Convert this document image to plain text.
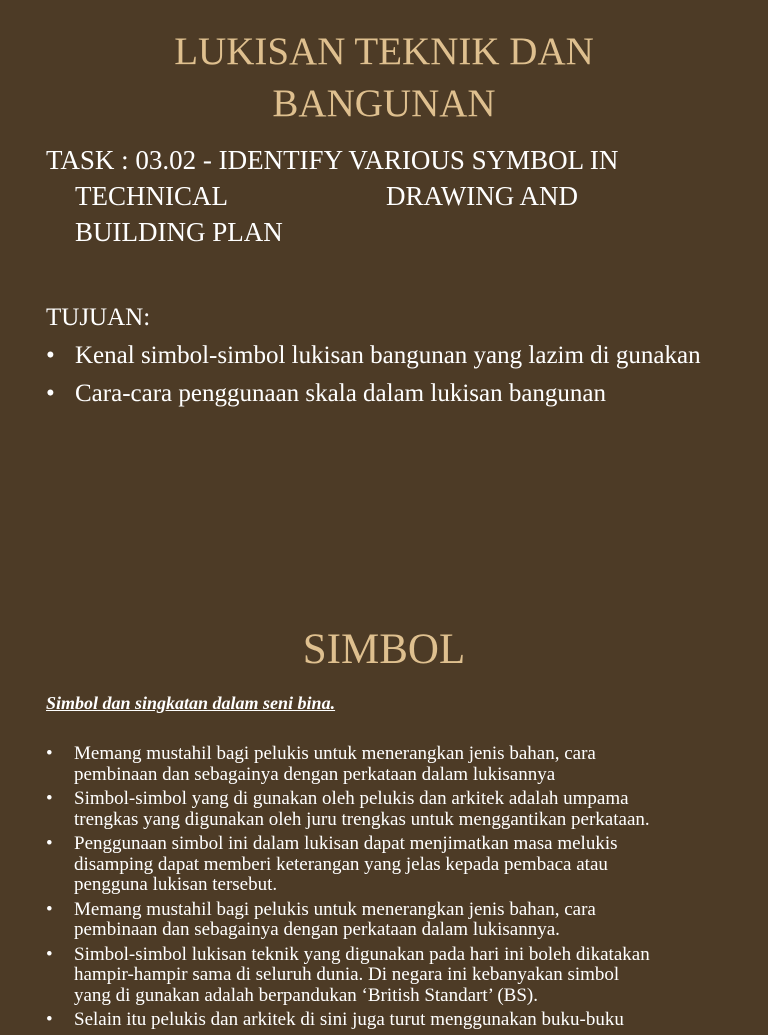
LUKISAN TEKNIK DAN
BANGUNAN

TASK : 03.02 - IDENTIFY VARIOUS SYMBOL IN
TECHNICAL	DRAWING AND
BUILDING PLAN

TUJUAN:

• Kenal simbol-simbol lukisan bangunan yang lazim di gunakan
• Cara-cara penggunaan skala dalam lukisan bangunan
SIMBOL

Simbol dan singkatan dalam seni bina.

• Memang mustahil bagi pelukis untuk menerangkan jenis bahan, cara
pembinaan dan sebagainya dengan perkataan dalam lukisannya
• Simbol-simbol yang di gunakan oleh pelukis dan arkitek adalah umpama
trengkas yang digunakan oleh juru trengkas untuk menggantikan perkataan.
• Penggunaan simbol ini dalam lukisan dapat menjimatkan masa melukis
disamping dapat memberi keterangan yang jelas kepada pembaca atau
pengguna lukisan tersebut.
• Memang mustahil bagi pelukis untuk menerangkan jenis bahan, cara
pembinaan dan sebagainya dengan perkataan dalam lukisannya.
• Simbol-simbol lukisan teknik yang digunakan pada hari ini boleh dikatakan
hampir-hampir sama di seluruh dunia. Di negara ini kebanyakan simbol
yang di gunakan adalah berpandukan ‘British Standart’ (BS).
• Selain itu pelukis dan arkitek di sini juga turut menggunakan buku-buku
